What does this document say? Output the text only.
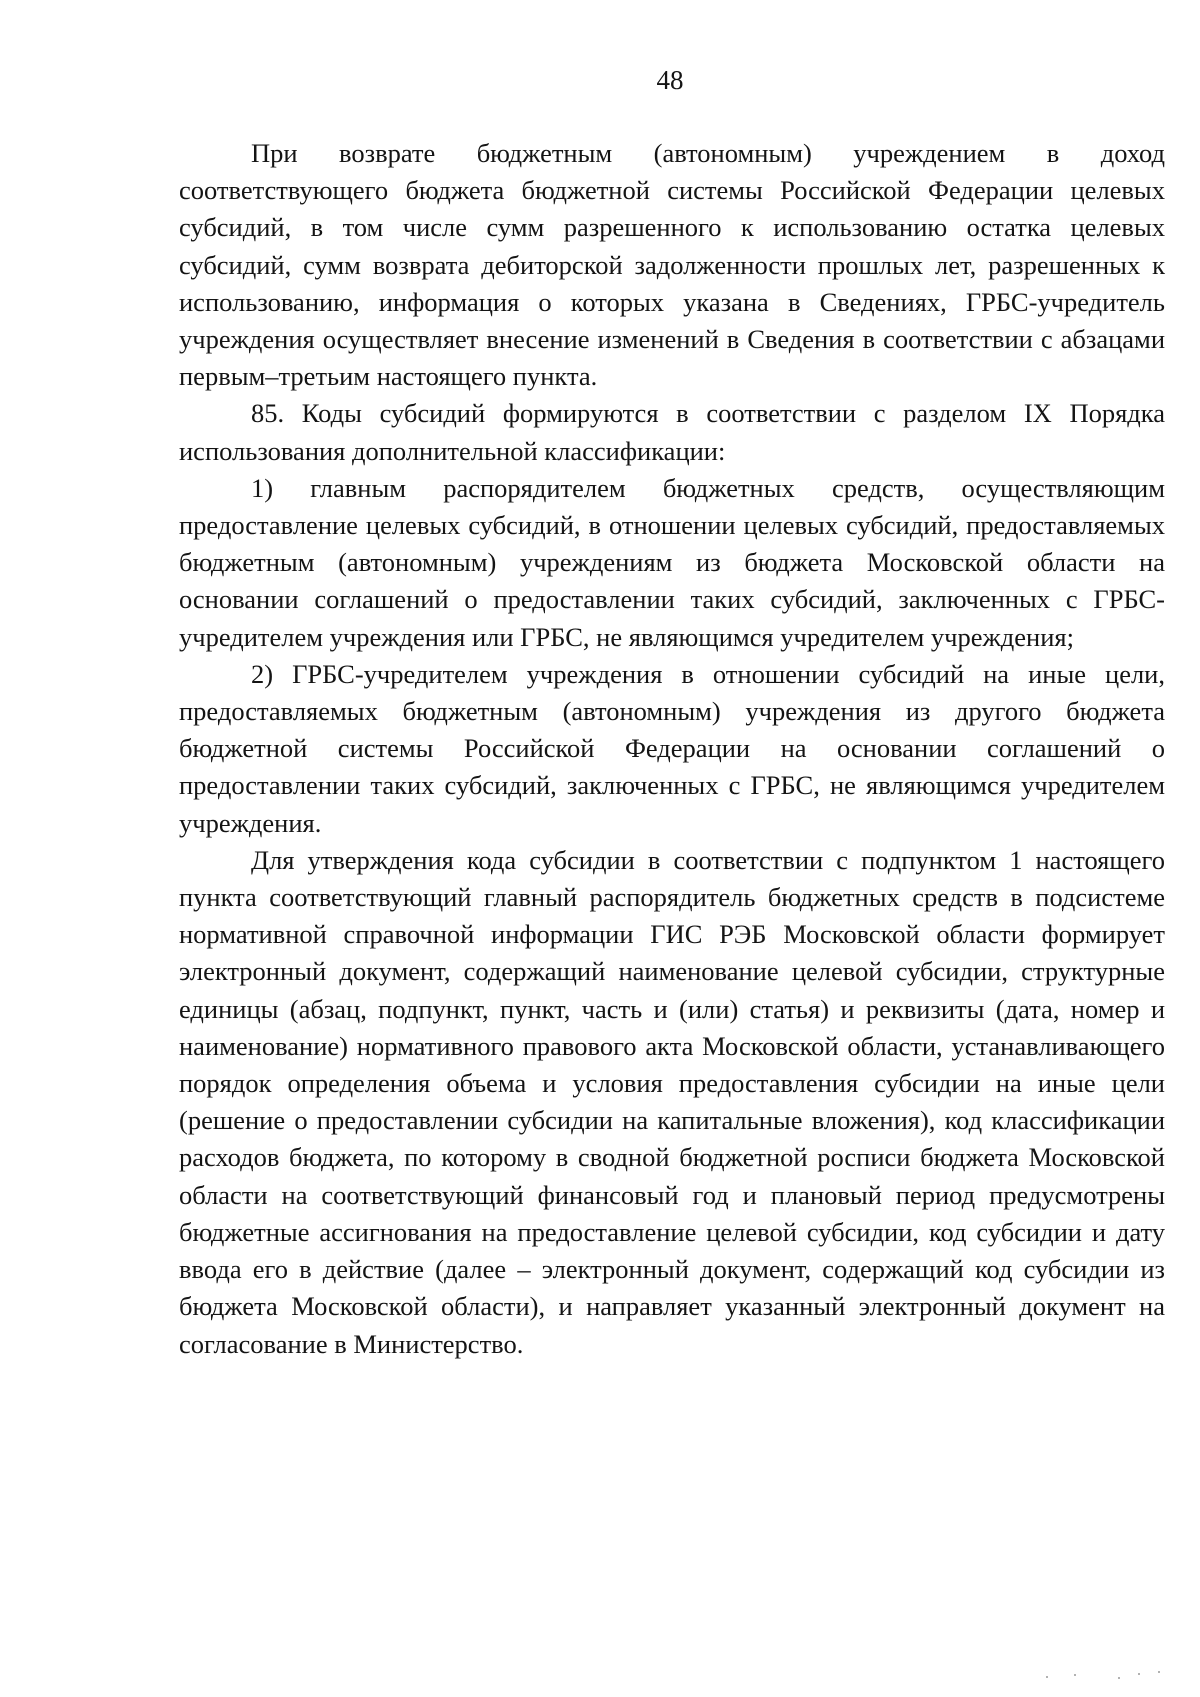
48

При возврате бюджетным (автономным) учреждением в доход соответствующего бюджета бюджетной системы Российской Федерации целевых субсидий, в том числе сумм разрешенного к использованию остатка целевых субсидий, сумм возврата дебиторской задолженности прошлых лет, разрешенных к использованию, информация о которых указана в Сведениях, ГРБС-учредитель учреждения осуществляет внесение изменений в Сведения в соответствии с абзацами первым–третьим настоящего пункта.

85. Коды субсидий формируются в соответствии с разделом IX Порядка использования дополнительной классификации:

1) главным распорядителем бюджетных средств, осуществляющим предоставление целевых субсидий, в отношении целевых субсидий, предоставляемых бюджетным (автономным) учреждениям из бюджета Московской области на основании соглашений о предоставлении таких субсидий, заключенных с ГРБС-учредителем учреждения или ГРБС, не являющимся учредителем учреждения;

2) ГРБС-учредителем учреждения в отношении субсидий на иные цели, предоставляемых бюджетным (автономным) учреждения из другого бюджета бюджетной системы Российской Федерации на основании соглашений о предоставлении таких субсидий, заключенных с ГРБС, не являющимся учредителем учреждения.

Для утверждения кода субсидии в соответствии с подпунктом 1 настоящего пункта соответствующий главный распорядитель бюджетных средств в подсистеме нормативной справочной информации ГИС РЭБ Московской области формирует электронный документ, содержащий наименование целевой субсидии, структурные единицы (абзац, подпункт, пункт, часть и (или) статья) и реквизиты (дата, номер и наименование) нормативного правового акта Московской области, устанавливающего порядок определения объема и условия предоставления субсидии на иные цели (решение о предоставлении субсидии на капитальные вложения), код классификации расходов бюджета, по которому в сводной бюджетной росписи бюджета Московской области на соответствующий финансовый год и плановый период предусмотрены бюджетные ассигнования на предоставление целевой субсидии, код субсидии и дату ввода его в действие (далее – электронный документ, содержащий код субсидии из бюджета Московской области), и направляет указанный электронный документ на согласование в Министерство.
